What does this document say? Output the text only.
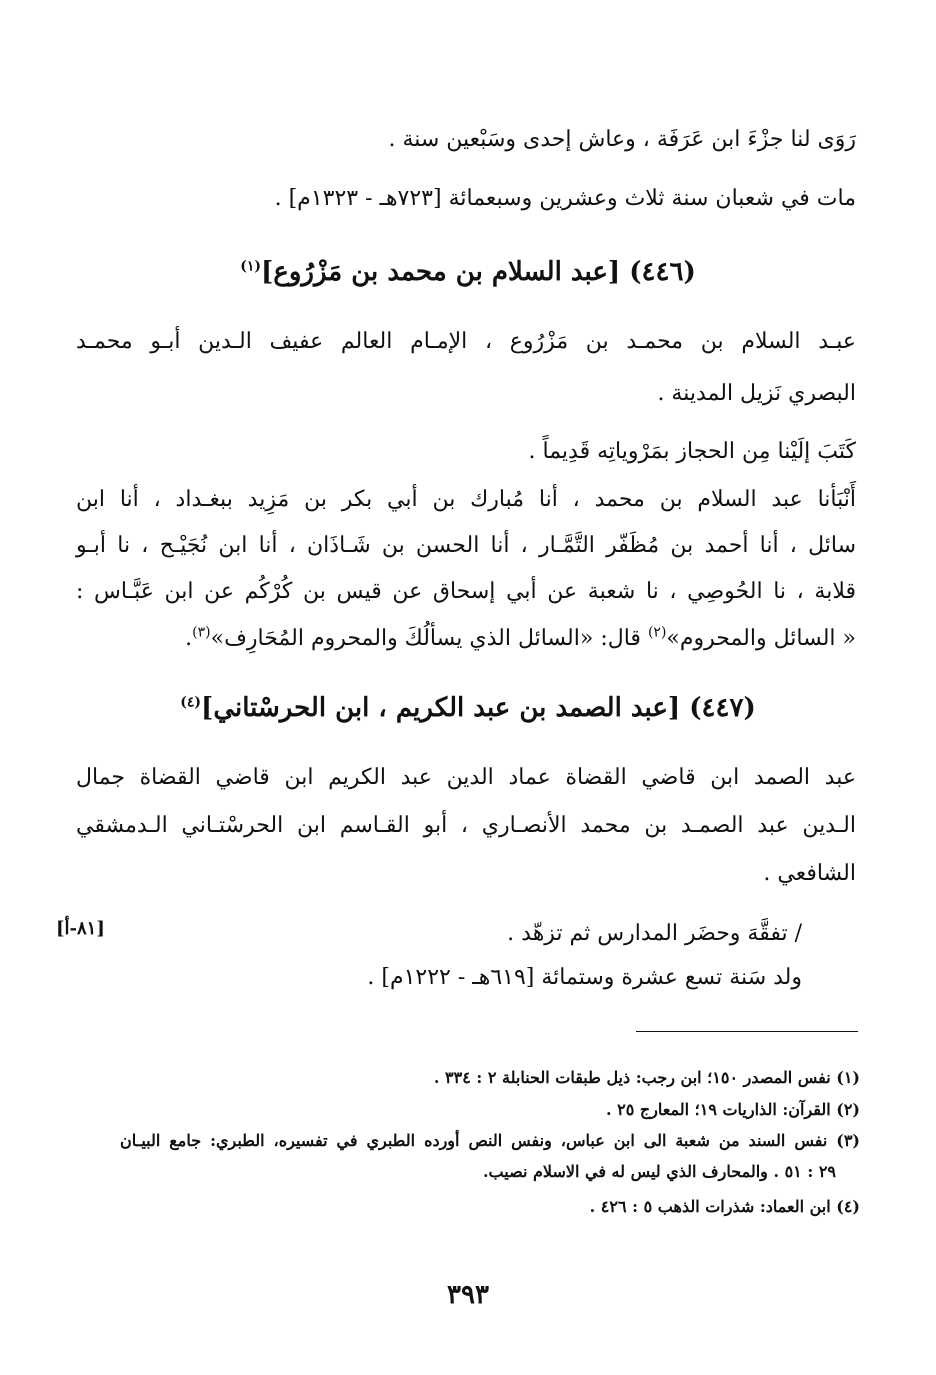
رَوَى لنا جزْءَ ابن عَرَفَة ، وعاش إحدى وسَبْعين سنة .
مات في شعبان سنة ثلاث وعشرين وسبعمائة [٧٢٣هـ - ١٣٢٣م] .
(٤٤٦) [عبد السلام بن محمد بن مَزْرُوع]$^{(١)}$
عبـد السلام بن محمـد بن مَزْرُوع ، الإمـام العالم عفيف الـدين أبـو محمـد
البصري نَزيل المدينة .
كَتَبَ إلَيْنا مِن الحجاز بمَرْوياتِه قَدِيماً .
أَنْبَأنا عبد السلام بن محمد ، أنا مُبارك بن أبي بكر بن مَزِيد ببغـداد ، أنا ابن
سائل ، أنا أحمد بن مُظَفّر التَّمَّـار ، أنا الحسن بن شَـاذَان ، أنا ابن نُجَيْـح ، نا أبـو
قلابة ، نا الحُوصِي ، نا شعبة عن أبي إسحاق عن قيس بن كُرْكُم عن ابن عَبَّـاس :
« السائل والمحروم»$^{(٢)}$ قال: «السائل الذي يسألُكَ والمحروم المُحَارِف»$^{(٣)}$.
(٤٤٧) [عبد الصمد بن عبد الكريم ، ابن الحرسْتاني]$^{(٤)}$
عبد الصمد ابن قاضي القضاة عماد الدين عبد الكريم ابن قاضي القضاة جمال
الـدين عبد الصمـد بن محمد الأنصـاري ، أبو القـاسم ابن الحرسْتـاني الـدمشقي
الشافعي .
/ تفقَّهَ وحضَر المدارس ثم تزهّد .
[٨١-أ]
ولد سَنة تسع عشرة وستمائة [٦١٩هـ - ١٢٢٢م] .
(١) نفس المصدر ١٥٠؛ ابن رجب: ذيل طبقات الحنابلة ٢ : ٣٣٤ .
(٢) القرآن: الذاريات ١٩؛ المعارج ٢٥ .
(٣) نفس السند من شعبة الى ابن عباس، ونفس النص أورده الطبري في تفسيره، الطبري: جامع البيـان
٢٩ : ٥١ . والمحارف الذي ليس له في الاسلام نصيب.
(٤) ابن العماد: شذرات الذهب ٥ : ٤٢٦ .
٣٩٣
